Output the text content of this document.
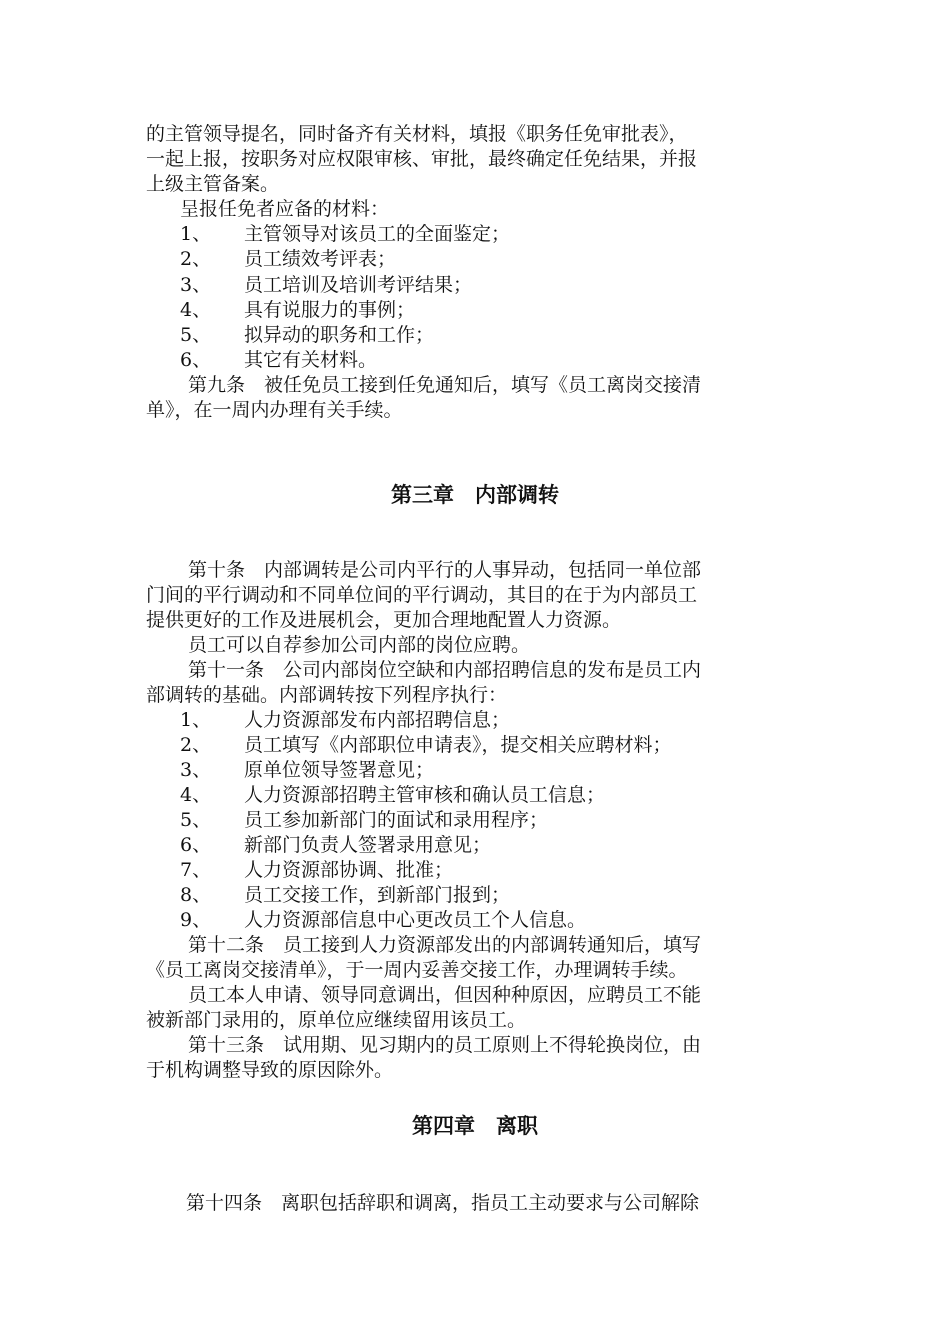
的主管领导提名，同时备齐有关材料，填报《职务任免审批表》，
一起上报，按职务对应权限审核、审批，最终确定任免结果，并报
上级主管备案。
呈报任免者应备的材料：
1、 主管领导对该员工的全面鉴定；
2、 员工绩效考评表；
3、 员工培训及培训考评结果；
4、 具有说服力的事例；
5、 拟异动的职务和工作；
6、 其它有关材料。
第九条　被任免员工接到任免通知后，填写《员工离岗交接清
单》，在一周内办理有关手续。
第三章　内部调转
第十条　内部调转是公司内平行的人事异动，包括同一单位部
门间的平行调动和不同单位间的平行调动，其目的在于为内部员工
提供更好的工作及进展机会，更加合理地配置人力资源。
员工可以自荐参加公司内部的岗位应聘。
第十一条　公司内部岗位空缺和内部招聘信息的发布是员工内
部调转的基础。内部调转按下列程序执行：
1、 人力资源部发布内部招聘信息；
2、 员工填写《内部职位申请表》，提交相关应聘材料；
3、 原单位领导签署意见；
4、 人力资源部招聘主管审核和确认员工信息；
5、 员工参加新部门的面试和录用程序；
6、 新部门负责人签署录用意见；
7、 人力资源部协调、批准；
8、 员工交接工作，到新部门报到；
9、 人力资源部信息中心更改员工个人信息。
第十二条　员工接到人力资源部发出的内部调转通知后，填写
《员工离岗交接清单》，于一周内妥善交接工作，办理调转手续。
员工本人申请、领导同意调出，但因种种原因，应聘员工不能
被新部门录用的，原单位应继续留用该员工。
第十三条　试用期、见习期内的员工原则上不得轮换岗位，由
于机构调整导致的原因除外。
第四章　离职
第十四条　离职包括辞职和调离，指员工主动要求与公司解除
